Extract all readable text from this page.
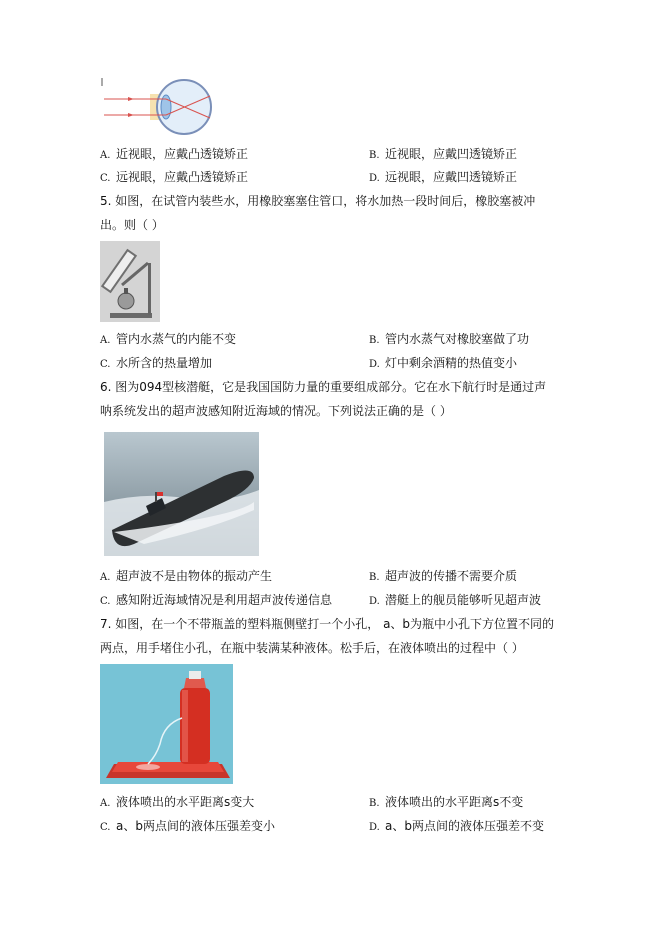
A. 近视眼，应戴凸透镜矫正	B. 近视眼，应戴凹透镜矫正
C. 远视眼，应戴凸透镜矫正	D. 远视眼，应戴凹透镜矫正
5. 如图，在试管内装些水，用橡胶塞塞住管口，将水加热一段时间后，橡胶塞被冲
出。则（ ）
A. 管内水蒸气的内能不变	B. 管内水蒸气对橡胶塞做了功
C. 水所含的热量增加	D. 灯中剩余酒精的热值变小
6. 图为094型核潜艇，它是我国国防力量的重要组成部分。它在水下航行时是通过声
呐系统发出的超声波感知附近海域的情况。下列说法正确的是（ ）
A. 超声波不是由物体的振动产生	B. 超声波的传播不需要介质
C. 感知附近海域情况是利用超声波传递信息	D. 潜艇上的舰员能够听见超声波
7. 如图，在一个不带瓶盖的塑料瓶侧壁打一个小孔， a、b为瓶中小孔下方位置不同的
两点，用手堵住小孔，在瓶中装满某种液体。松手后，在液体喷出的过程中（ ）
A. 液体喷出的水平距离s变大	B. 液体喷出的水平距离s不变
C. a、b两点间的液体压强差变小	D. a、b两点间的液体压强差不变
